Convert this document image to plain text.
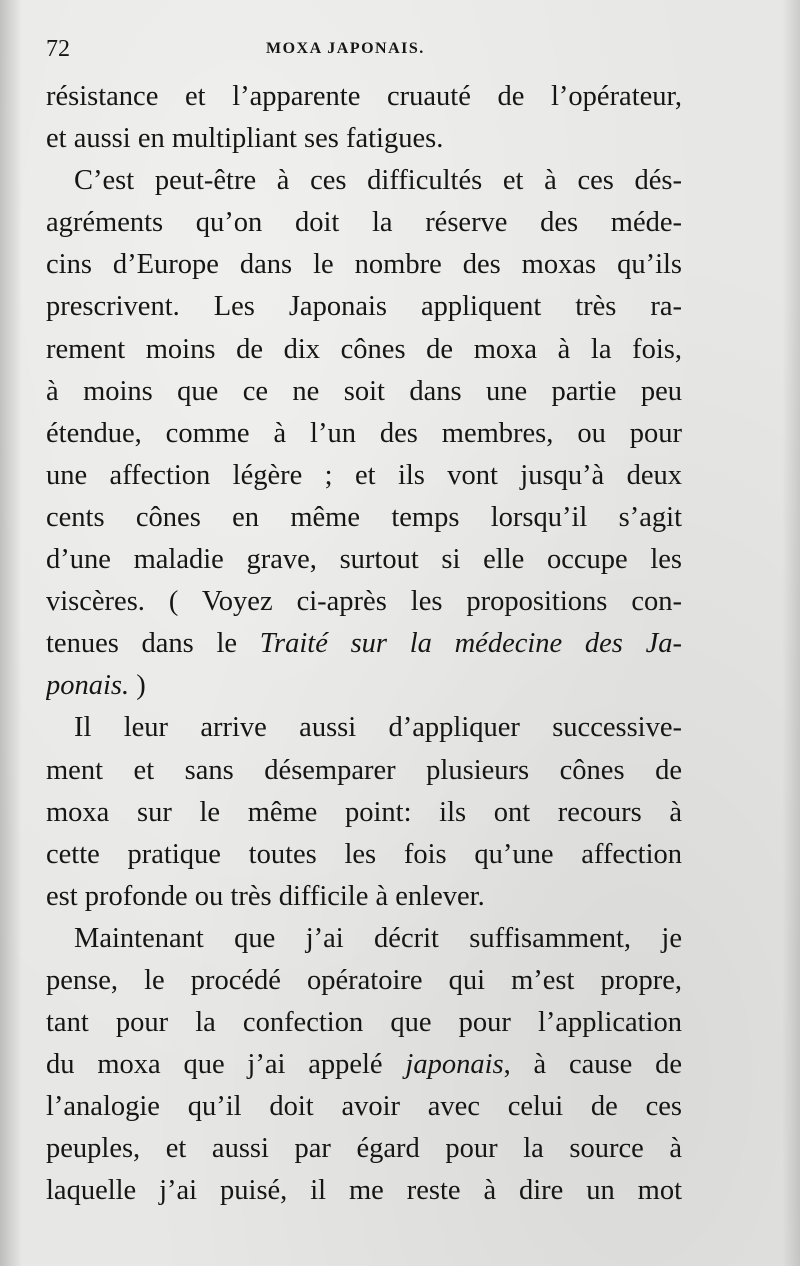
72	MOXA JAPONAIS.
résistance et l’apparente cruauté de l’opérateur,
et aussi en multipliant ses fatigues.
C’est peut-être à ces difficultés et à ces dés-
agréments qu’on doit la réserve des méde-
cins d’Europe dans le nombre des moxas qu’ils
prescrivent. Les Japonais appliquent très ra-
rement moins de dix cônes de moxa à la fois,
à moins que ce ne soit dans une partie peu
étendue, comme à l’un des membres, ou pour
une affection légère ; et ils vont jusqu’à deux
cents cônes en même temps lorsqu’il s’agit
d’une maladie grave, surtout si elle occupe les
viscères. ( Voyez ci-après les propositions con-
tenues dans le Traité sur la médecine des Ja-
ponais. )
Il leur arrive aussi d’appliquer successive-
ment et sans désemparer plusieurs cônes de
moxa sur le même point: ils ont recours à
cette pratique toutes les fois qu’une affection
est profonde ou très difficile à enlever.
Maintenant que j’ai décrit suffisamment, je
pense, le procédé opératoire qui m’est propre,
tant pour la confection que pour l’application
du moxa que j’ai appelé japonais, à cause de
l’analogie qu’il doit avoir avec celui de ces
peuples, et aussi par égard pour la source à
laquelle j’ai puisé, il me reste à dire un mot
